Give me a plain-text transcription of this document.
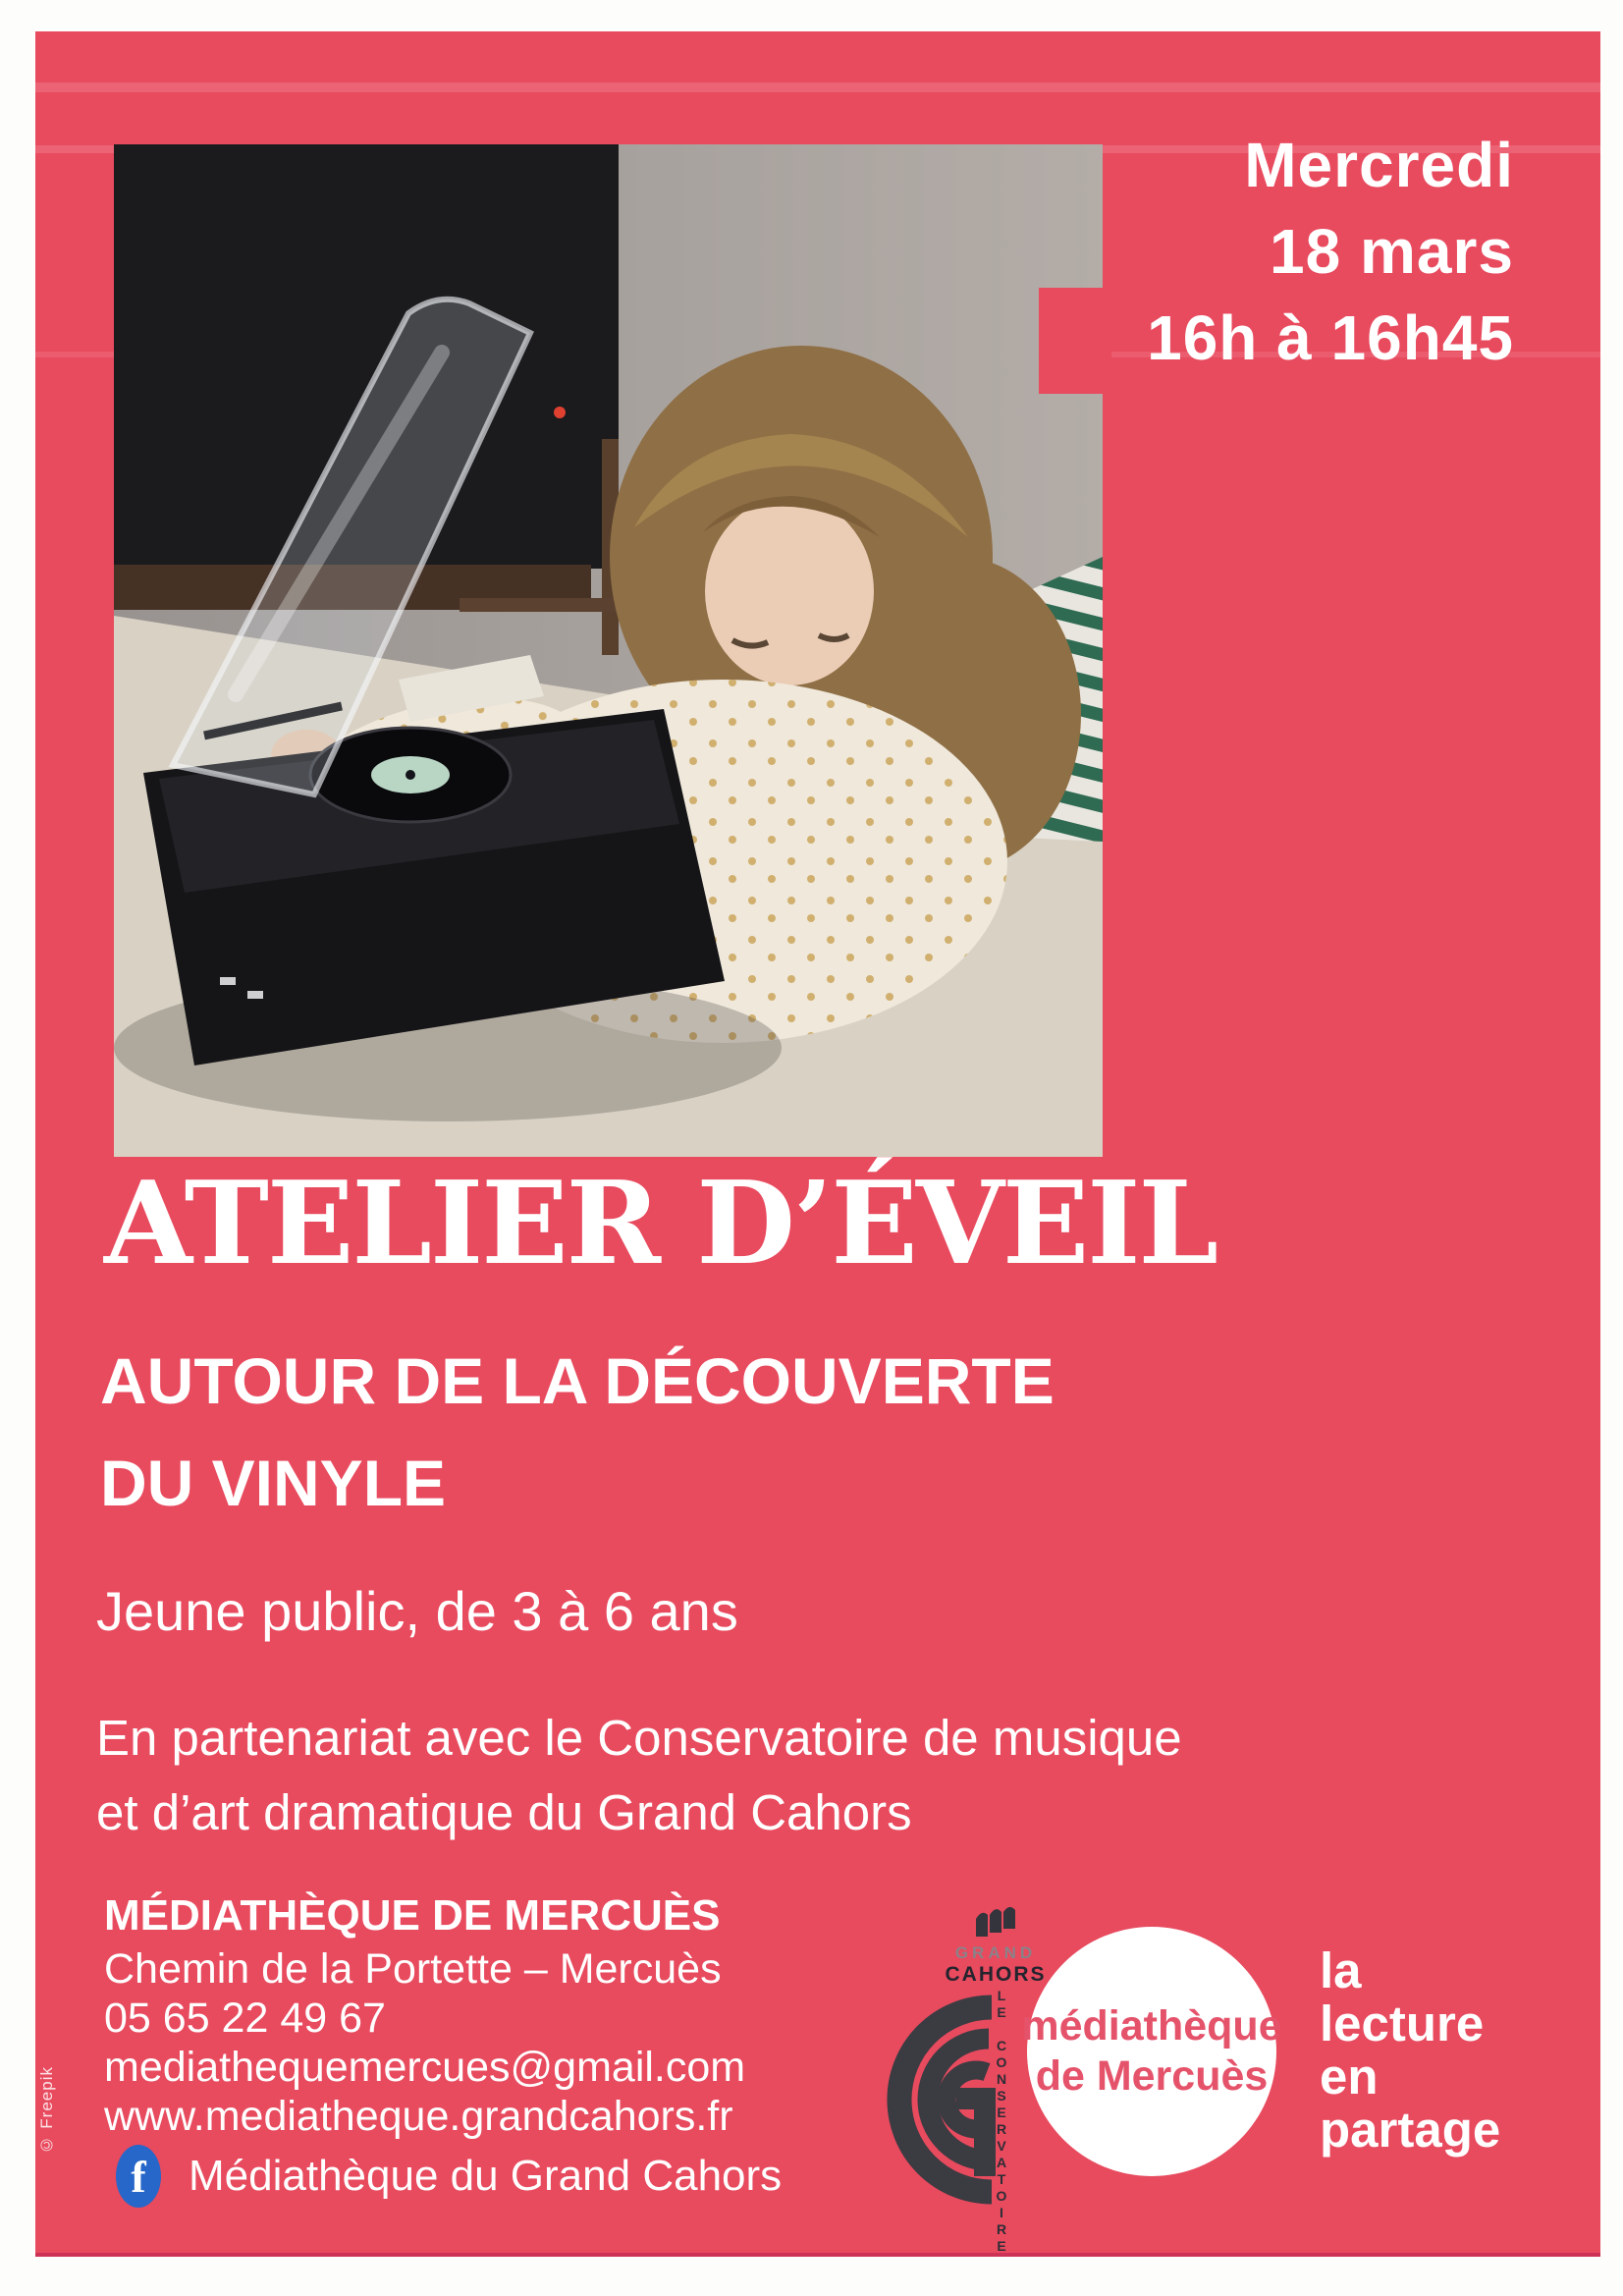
Mercredi
18 mars
16h à 16h45
ATELIER D’ÉVEIL
AUTOUR DE LA DÉCOUVERTE
DU VINYLE
Jeune public, de 3 à 6 ans
En partenariat avec le Conservatoire de musique
et d’art dramatique du Grand Cahors
MÉDIATHÈQUE DE MERCUÈS
Chemin de la Portette – Mercuès
05 65 22 49 67
mediathequemercues@gmail.com
www.mediatheque.grandcahors.fr
f Médiathèque du Grand Cahors
GRAND
CAHORS
LE CONSERVATOIRE médiathèque
de Mercuès
la
lecture
en
partage
© Freepik
